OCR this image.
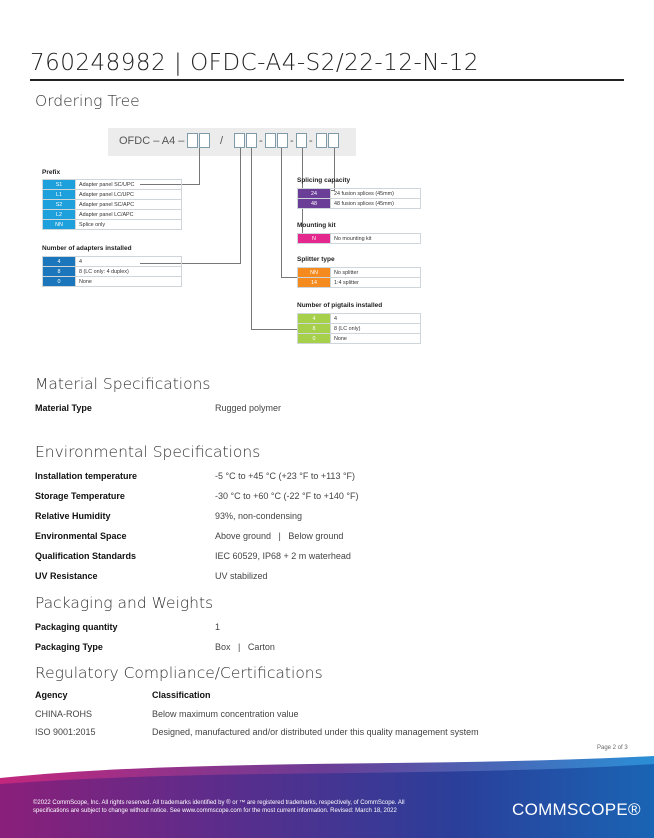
760248982 | OFDC-A4-S2/22-12-N-12
Ordering Tree
OFDC – A4 –	/	- - -
Prefix
S1	Adapter panel SC/UPC
L1	Adapter panel LC/UPC
S2	Adapter panel SC/APC
L2	Adapter panel LC/APC
NN	Splice only
Number of adapters installed
4	4
8	8 (LC only: 4 duplex)
0	None
Splicing capacity
24	24 fusion splices (45mm)
48	48 fusion splices (45mm)
Mounting kit
N	No mounting kit
Splitter type
NN	No splitter
14	1:4 splitter
Number of pigtails installed
4	4
8	8 (LC only)
0	None
Material Specifications
Material Type	Rugged polymer
Environmental Specifications
Installation temperature	-5 °C to +45 °C (+23 °F to +113 °F)
Storage Temperature	-30 °C to +60 °C (-22 °F to +140 °F)
Relative Humidity	93%, non-condensing
Environmental Space	Above ground   |   Below ground
Qualification Standards	IEC 60529, IP68 + 2 m waterhead
UV Resistance	UV stabilized
Packaging and Weights
Packaging quantity	1
Packaging Type	Box   |   Carton
Regulatory Compliance/Certifications
Agency	Classification
CHINA-ROHS	Below maximum concentration value
ISO 9001:2015	Designed, manufactured and/or distributed under this quality management system
Page 2 of 3
©2022 CommScope, Inc. All rights reserved. All trademarks identified by ® or ™ are registered trademarks, respectively, of CommScope. All specifications are subject to change without notice. See www.commscope.com for the most current information. Revised: March 18, 2022	COMMSCOPE®
